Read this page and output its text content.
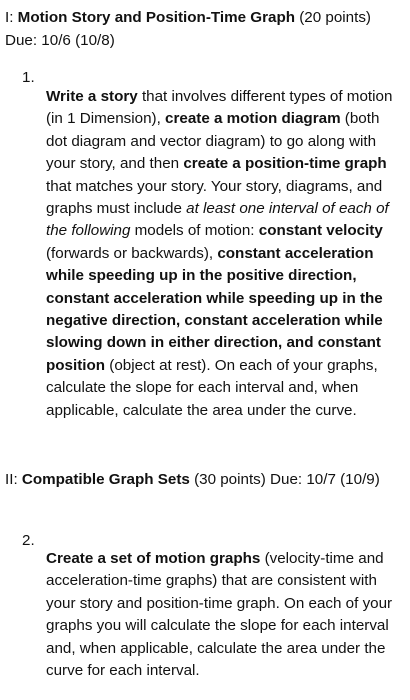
I: Motion Story and Position-Time Graph (20 points) Due: 10/6 (10/8)

1.

Write a story that involves different types of motion (in 1 Dimension), create a motion diagram (both dot diagram and vector diagram) to go along with your story, and then create a position-time graph that matches your story. Your story, diagrams, and graphs must include at least one interval of each of the following models of motion: constant velocity (forwards or backwards), constant acceleration while speeding up in the positive direction, constant acceleration while speeding up in the negative direction, constant acceleration while slowing down in either direction, and constant position (object at rest). On each of your graphs, calculate the slope for each interval and, when applicable, calculate the area under the curve.

II: Compatible Graph Sets (30 points) Due: 10/7 (10/9)

2.

Create a set of motion graphs (velocity-time and acceleration-time graphs) that are consistent with your story and position-time graph. On each of your graphs you will calculate the slope for each interval and, when applicable, calculate the area under the curve for each interval.
